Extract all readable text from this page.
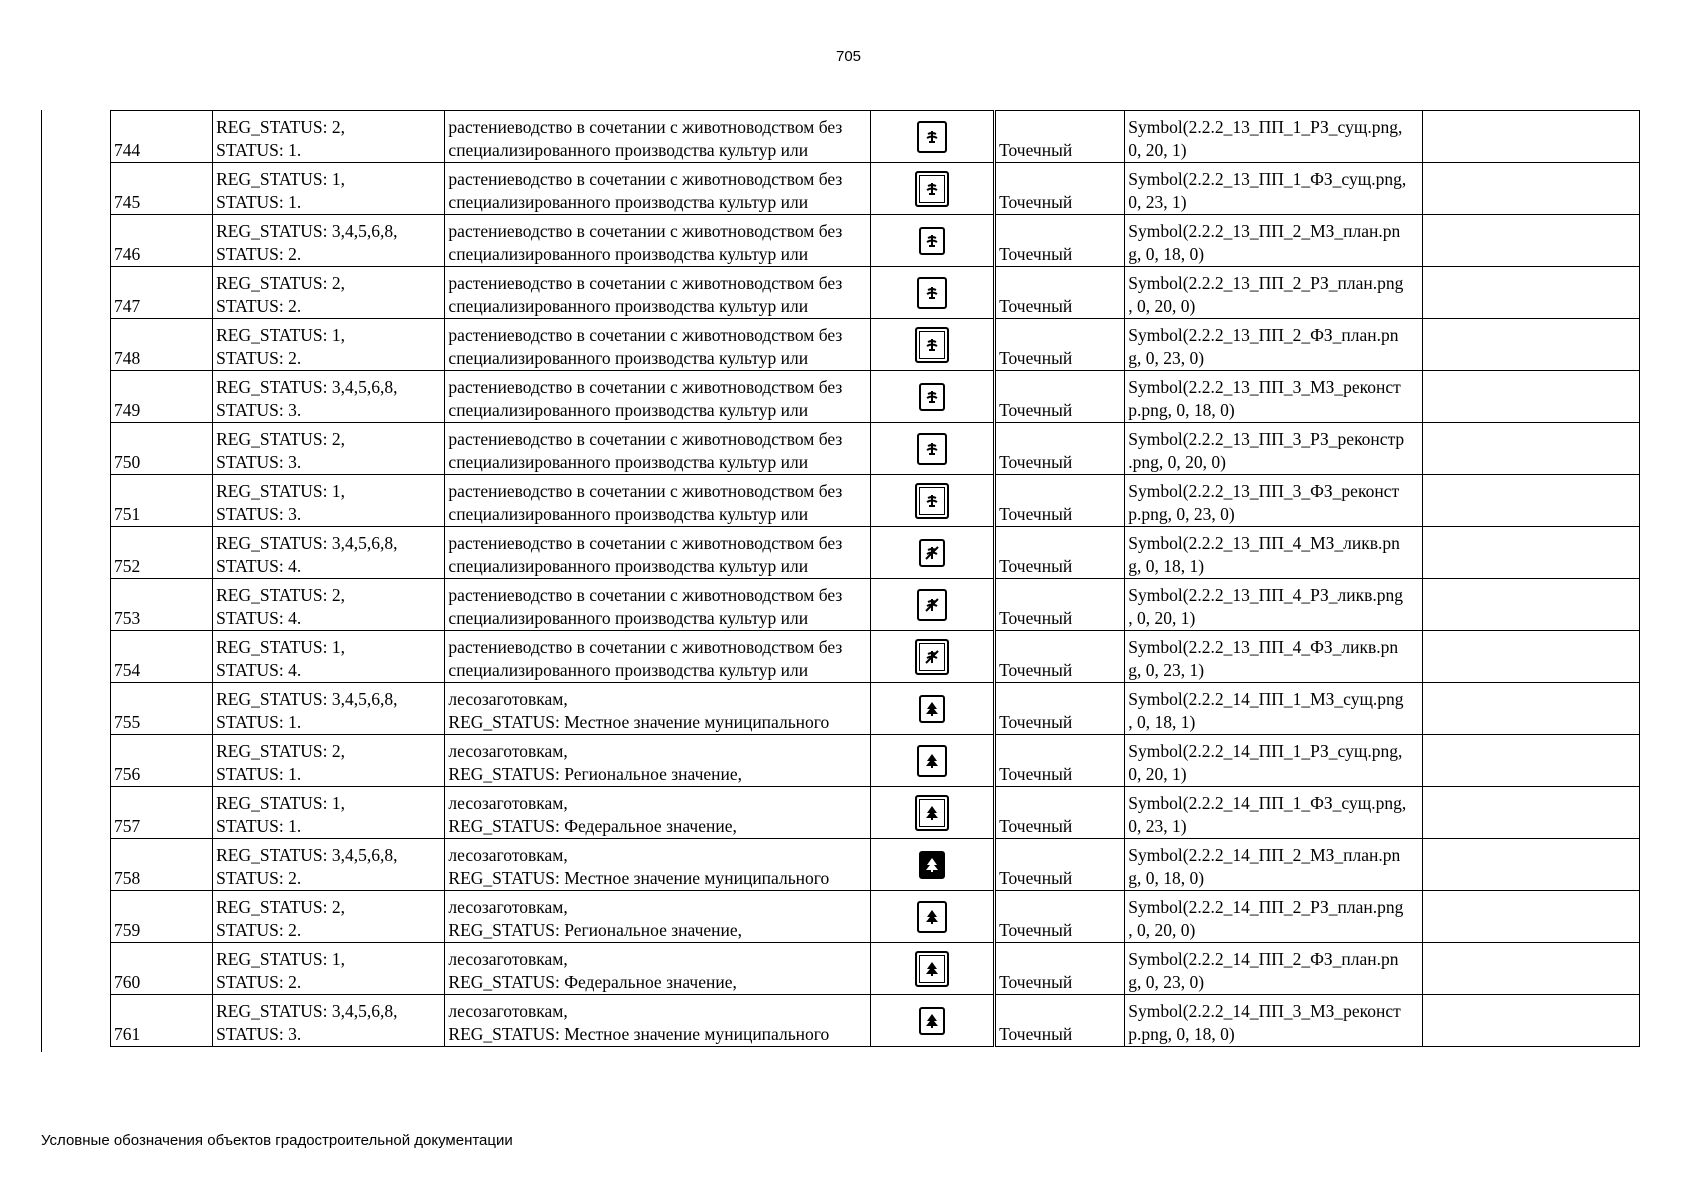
705
744	REG_STATUS: 2,
STATUS: 1.	растениеводство в сочетании с животноводством без
специализированного производства культур или		Точечный	Symbol(2.2.2_13_ПП_1_РЗ_сущ.png,
0, 20, 1)	

745	REG_STATUS: 1,
STATUS: 1.	растениеводство в сочетании с животноводством без
специализированного производства культур или		Точечный	Symbol(2.2.2_13_ПП_1_ФЗ_сущ.png,
0, 23, 1)	

746	REG_STATUS: 3,4,5,6,8,
STATUS: 2.	растениеводство в сочетании с животноводством без
специализированного производства культур или		Точечный	Symbol(2.2.2_13_ПП_2_МЗ_план.pn
g, 0, 18, 0)	

747	REG_STATUS: 2,
STATUS: 2.	растениеводство в сочетании с животноводством без
специализированного производства культур или		Точечный	Symbol(2.2.2_13_ПП_2_РЗ_план.png
, 0, 20, 0)	

748	REG_STATUS: 1,
STATUS: 2.	растениеводство в сочетании с животноводством без
специализированного производства культур или		Точечный	Symbol(2.2.2_13_ПП_2_ФЗ_план.pn
g, 0, 23, 0)	

749	REG_STATUS: 3,4,5,6,8,
STATUS: 3.	растениеводство в сочетании с животноводством без
специализированного производства культур или		Точечный	Symbol(2.2.2_13_ПП_3_МЗ_реконст
р.png, 0, 18, 0)	

750	REG_STATUS: 2,
STATUS: 3.	растениеводство в сочетании с животноводством без
специализированного производства культур или		Точечный	Symbol(2.2.2_13_ПП_3_РЗ_реконстр
.png, 0, 20, 0)	

751	REG_STATUS: 1,
STATUS: 3.	растениеводство в сочетании с животноводством без
специализированного производства культур или		Точечный	Symbol(2.2.2_13_ПП_3_ФЗ_реконст
р.png, 0, 23, 0)	

752	REG_STATUS: 3,4,5,6,8,
STATUS: 4.	растениеводство в сочетании с животноводством без
специализированного производства культур или		Точечный	Symbol(2.2.2_13_ПП_4_МЗ_ликв.pn
g, 0, 18, 1)	

753	REG_STATUS: 2,
STATUS: 4.	растениеводство в сочетании с животноводством без
специализированного производства культур или		Точечный	Symbol(2.2.2_13_ПП_4_РЗ_ликв.png
, 0, 20, 1)	

754	REG_STATUS: 1,
STATUS: 4.	растениеводство в сочетании с животноводством без
специализированного производства культур или		Точечный	Symbol(2.2.2_13_ПП_4_ФЗ_ликв.pn
g, 0, 23, 1)	

755	REG_STATUS: 3,4,5,6,8,
STATUS: 1.	лесозаготовкам,
REG_STATUS: Местное значение муниципального		Точечный	Symbol(2.2.2_14_ПП_1_МЗ_сущ.png
, 0, 18, 1)	

756	REG_STATUS: 2,
STATUS: 1.	лесозаготовкам,
REG_STATUS: Региональное значение,		Точечный	Symbol(2.2.2_14_ПП_1_РЗ_сущ.png,
0, 20, 1)	

757	REG_STATUS: 1,
STATUS: 1.	лесозаготовкам,
REG_STATUS: Федеральное значение,		Точечный	Symbol(2.2.2_14_ПП_1_ФЗ_сущ.png,
0, 23, 1)	

758	REG_STATUS: 3,4,5,6,8,
STATUS: 2.	лесозаготовкам,
REG_STATUS: Местное значение муниципального		Точечный	Symbol(2.2.2_14_ПП_2_МЗ_план.pn
g, 0, 18, 0)	

759	REG_STATUS: 2,
STATUS: 2.	лесозаготовкам,
REG_STATUS: Региональное значение,		Точечный	Symbol(2.2.2_14_ПП_2_РЗ_план.png
, 0, 20, 0)	

760	REG_STATUS: 1,
STATUS: 2.	лесозаготовкам,
REG_STATUS: Федеральное значение,		Точечный	Symbol(2.2.2_14_ПП_2_ФЗ_план.pn
g, 0, 23, 0)	

761	REG_STATUS: 3,4,5,6,8,
STATUS: 3.	лесозаготовкам,
REG_STATUS: Местное значение муниципального		Точечный	Symbol(2.2.2_14_ПП_3_МЗ_реконст
р.png, 0, 18, 0)	

Условные обозначения объектов градостроительной документации
